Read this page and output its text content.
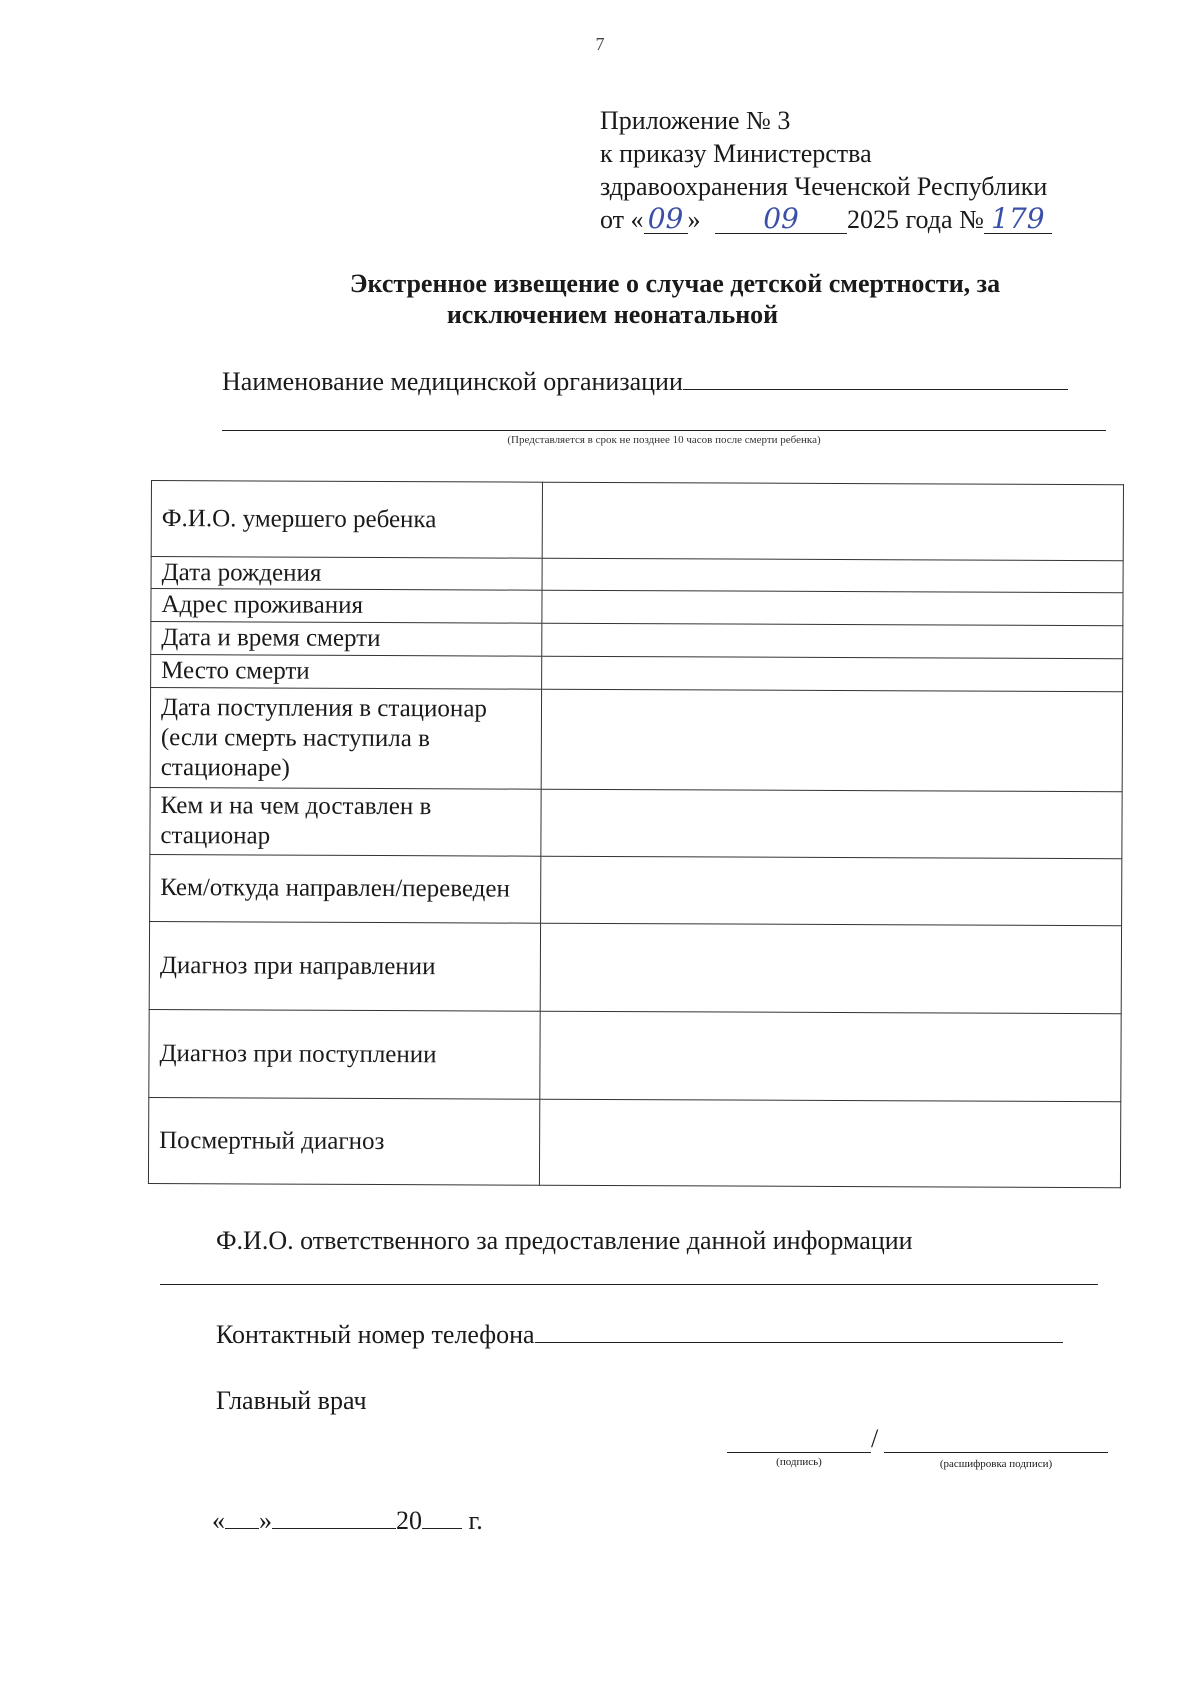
7
Приложение № 3
к приказу Министерства
здравоохранения Чеченской Республики
от « 09 » 09 2025 года № 179
Экстренное извещение о случае детской смертности, за
исключением неонатальной
Наименование медицинской организации
(Представляется в срок не позднее 10 часов после смерти ребенка)
Ф.И.О. умершего ребенка	
Дата рождения	
Адрес проживания	
Дата и время смерти	
Место смерти	
Дата поступления в стационар (если смерть наступила в стационаре)	
Кем и на чем доставлен в стационар	
Кем/откуда направлен/переведен	
Диагноз при направлении	
Диагноз при поступлении	
Посмертный диагноз	
Ф.И.О. ответственного за предоставление данной информации
Контактный номер телефона
Главный врач
/
(подпись)	(расшифровка подписи)
« »	20 г.
